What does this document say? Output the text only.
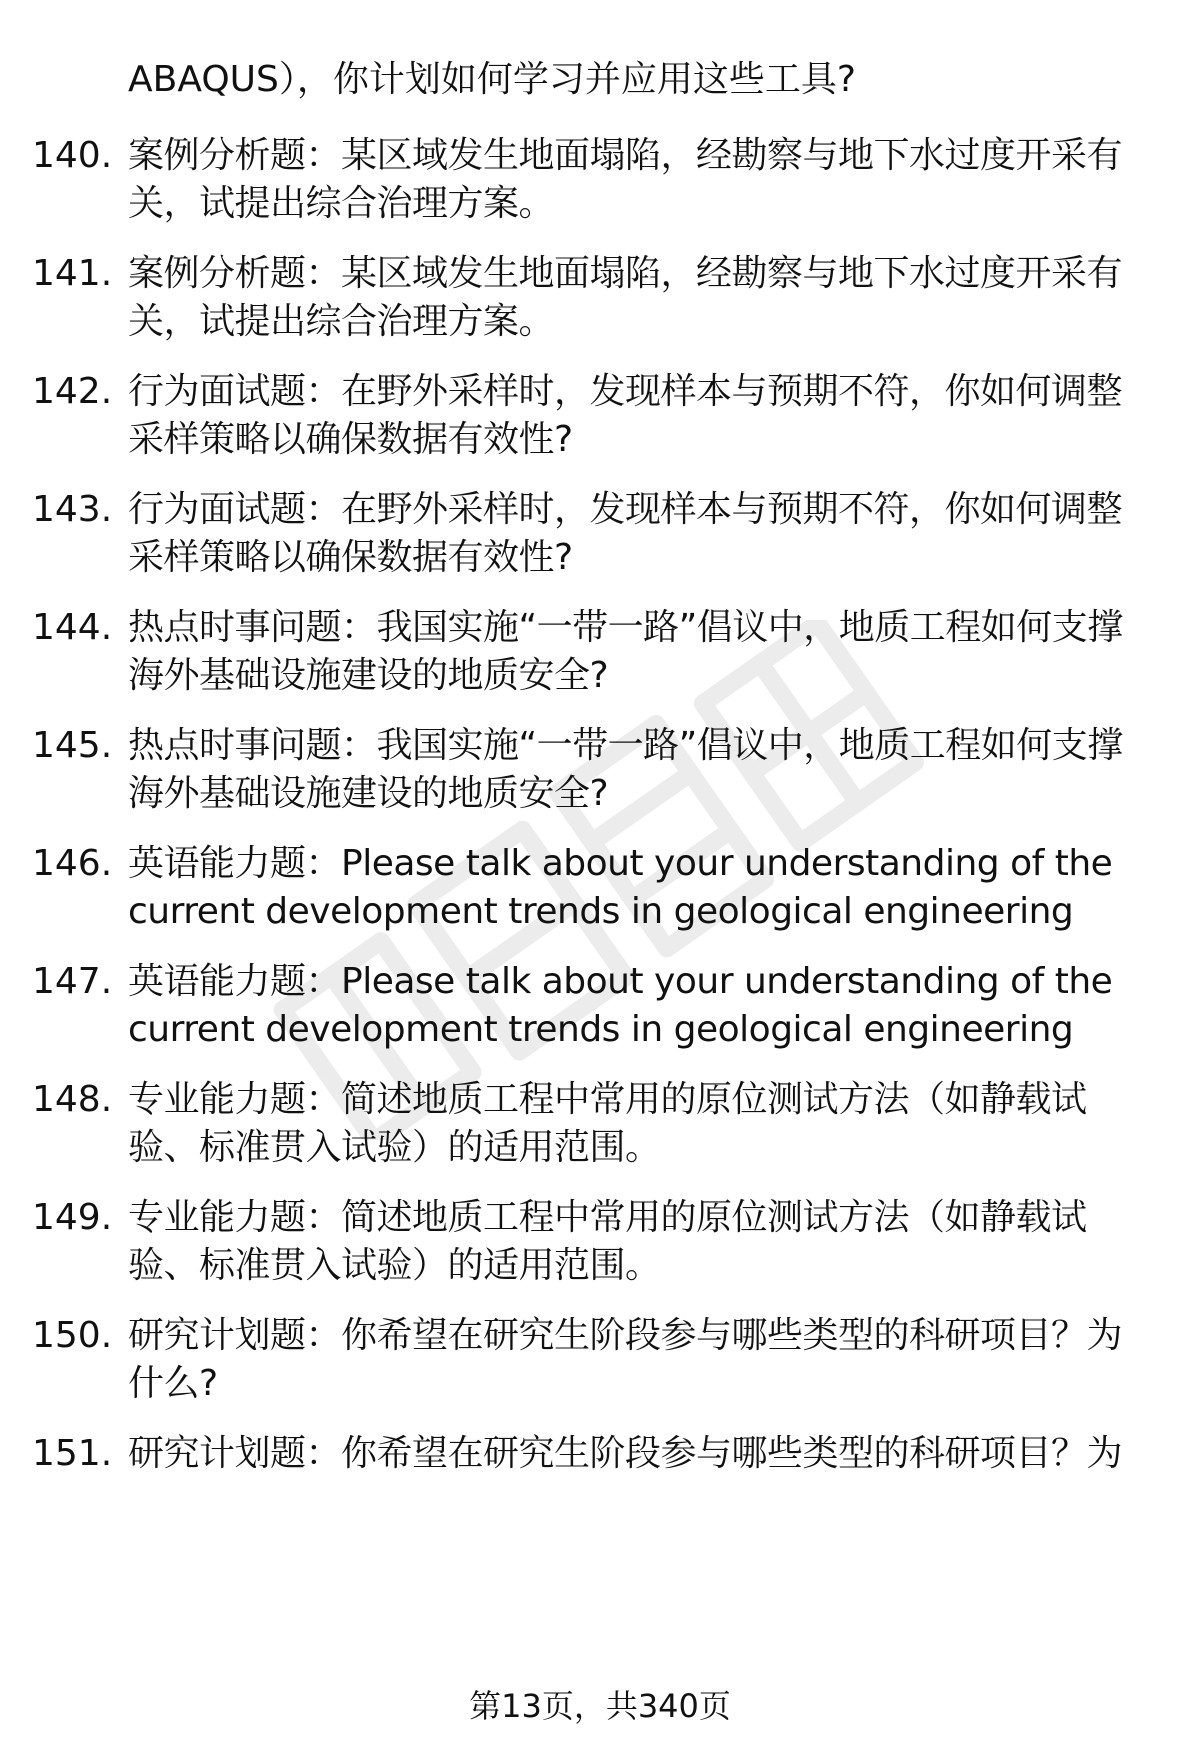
ABAQUS），你计划如何学习并应用这些工具?
140. 案例分析题：某区域发生地面塌陷，经勘察与地下水过度开采有关，试提出综合治理方案。
141. 案例分析题：某区域发生地面塌陷，经勘察与地下水过度开采有关，试提出综合治理方案。
142. 行为面试题：在野外采样时，发现样本与预期不符，你如何调整采样策略以确保数据有效性?
143. 行为面试题：在野外采样时，发现样本与预期不符，你如何调整采样策略以确保数据有效性?
144. 热点时事问题：我国实施“一带一路”倡议中，地质工程如何支撑海外基础设施建设的地质安全?
145. 热点时事问题：我国实施“一带一路”倡议中，地质工程如何支撑海外基础设施建设的地质安全?
146. 英语能力题：Please talk about your understanding of the current development trends in geological engineering
147. 英语能力题：Please talk about your understanding of the current development trends in geological engineering
148. 专业能力题：简述地质工程中常用的原位测试方法（如静载试验、标准贯入试验）的适用范围。
149. 专业能力题：简述地质工程中常用的原位测试方法（如静载试验、标准贯入试验）的适用范围。
150. 研究计划题：你希望在研究生阶段参与哪些类型的科研项目？为什么?
151. 研究计划题：你希望在研究生阶段参与哪些类型的科研项目？为
第13页，共340页
